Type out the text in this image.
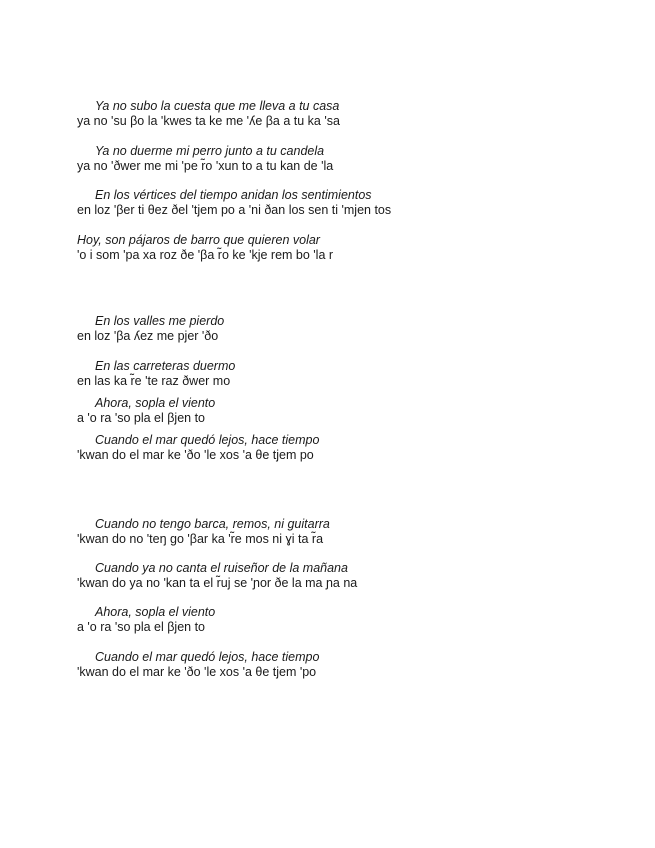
Ya no subo la cuesta que me lleva a tu casa
ya no 'su βo la 'kwes ta ke me 'ʎe βa a tu ka 'sa
Ya no duerme mi perro junto a tu candela
ya no 'ðwer me mi 'pe r̃o 'xun to a tu kan de 'la
En los vértices del tiempo anidan los sentimientos
en loz 'βer ti θez ðel 'tjem po a 'ni ðan los sen ti 'mjen tos
Hoy, son pájaros de barro que quieren volar
'o i som 'pa xa roz ðe 'βa r̃o ke 'kje rem bo 'la r
En los valles me pierdo
en loz 'βa ʎez me pjer 'ðo
En las carreteras duermo
en las ka r̃e 'te raz ðwer mo
Ahora, sopla el viento
a 'o ra 'so pla el βjen to
Cuando el mar quedó lejos, hace tiempo
'kwan do el mar ke 'ðo 'le xos 'a θe tjem po
Cuando no tengo barca, remos, ni guitarra
'kwan do no 'teŋ go 'βar ka 'r̃e mos ni ɣi ta r̃a
Cuando ya no canta el ruiseñor de la mañana
'kwan do ya no 'kan ta el r̃uj se 'ɲor ðe la ma ɲa na
Ahora, sopla el viento
a 'o ra 'so pla el βjen to
Cuando el mar quedó lejos, hace tiempo
'kwan do el mar ke 'ðo 'le xos 'a θe tjem 'po
